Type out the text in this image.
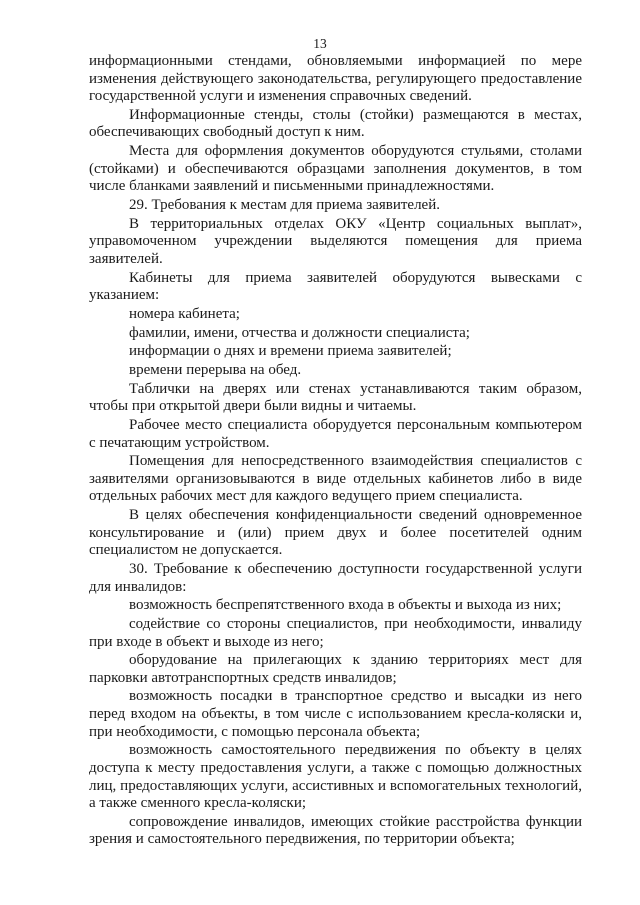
13

информационными стендами, обновляемыми информацией по мере изменения действующего законодательства, регулирующего предоставление государственной услуги и изменения справочных сведений.

Информационные стенды, столы (стойки) размещаются в местах, обеспечивающих свободный доступ к ним.

Места для оформления документов оборудуются стульями, столами (стойками) и обеспечиваются образцами заполнения документов, в том числе бланками заявлений и письменными принадлежностями.

29. Требования к местам для приема заявителей.

В территориальных отделах ОКУ «Центр социальных выплат», управомоченном учреждении выделяются помещения для приема заявителей.

Кабинеты для приема заявителей оборудуются вывесками с указанием:

номера кабинета;

фамилии, имени, отчества и должности специалиста;

информации о днях и времени приема заявителей;

времени перерыва на обед.

Таблички на дверях или стенах устанавливаются таким образом, чтобы при открытой двери были видны и читаемы.

Рабочее место специалиста оборудуется персональным компьютером с печатающим устройством.

Помещения для непосредственного взаимодействия специалистов с заявителями организовываются в виде отдельных кабинетов либо в виде отдельных рабочих мест для каждого ведущего прием специалиста.

В целях обеспечения конфиденциальности сведений одновременное консультирование и (или) прием двух и более посетителей одним специалистом не допускается.

30. Требование к обеспечению доступности государственной услуги для инвалидов:

возможность беспрепятственного входа в объекты и выхода из них;

содействие со стороны специалистов, при необходимости, инвалиду при входе в объект и выходе из него;

оборудование на прилегающих к зданию территориях мест для парковки автотранспортных средств инвалидов;

возможность посадки в транспортное средство и высадки из него перед входом на объекты, в том числе с использованием кресла-коляски и, при необходимости, с помощью персонала объекта;

возможность самостоятельного передвижения по объекту в целях доступа к месту предоставления услуги, а также с помощью должностных лиц, предоставляющих услуги, ассистивных и вспомогательных технологий, а также сменного кресла-коляски;

сопровождение инвалидов, имеющих стойкие расстройства функции зрения и самостоятельного передвижения, по территории объекта;
